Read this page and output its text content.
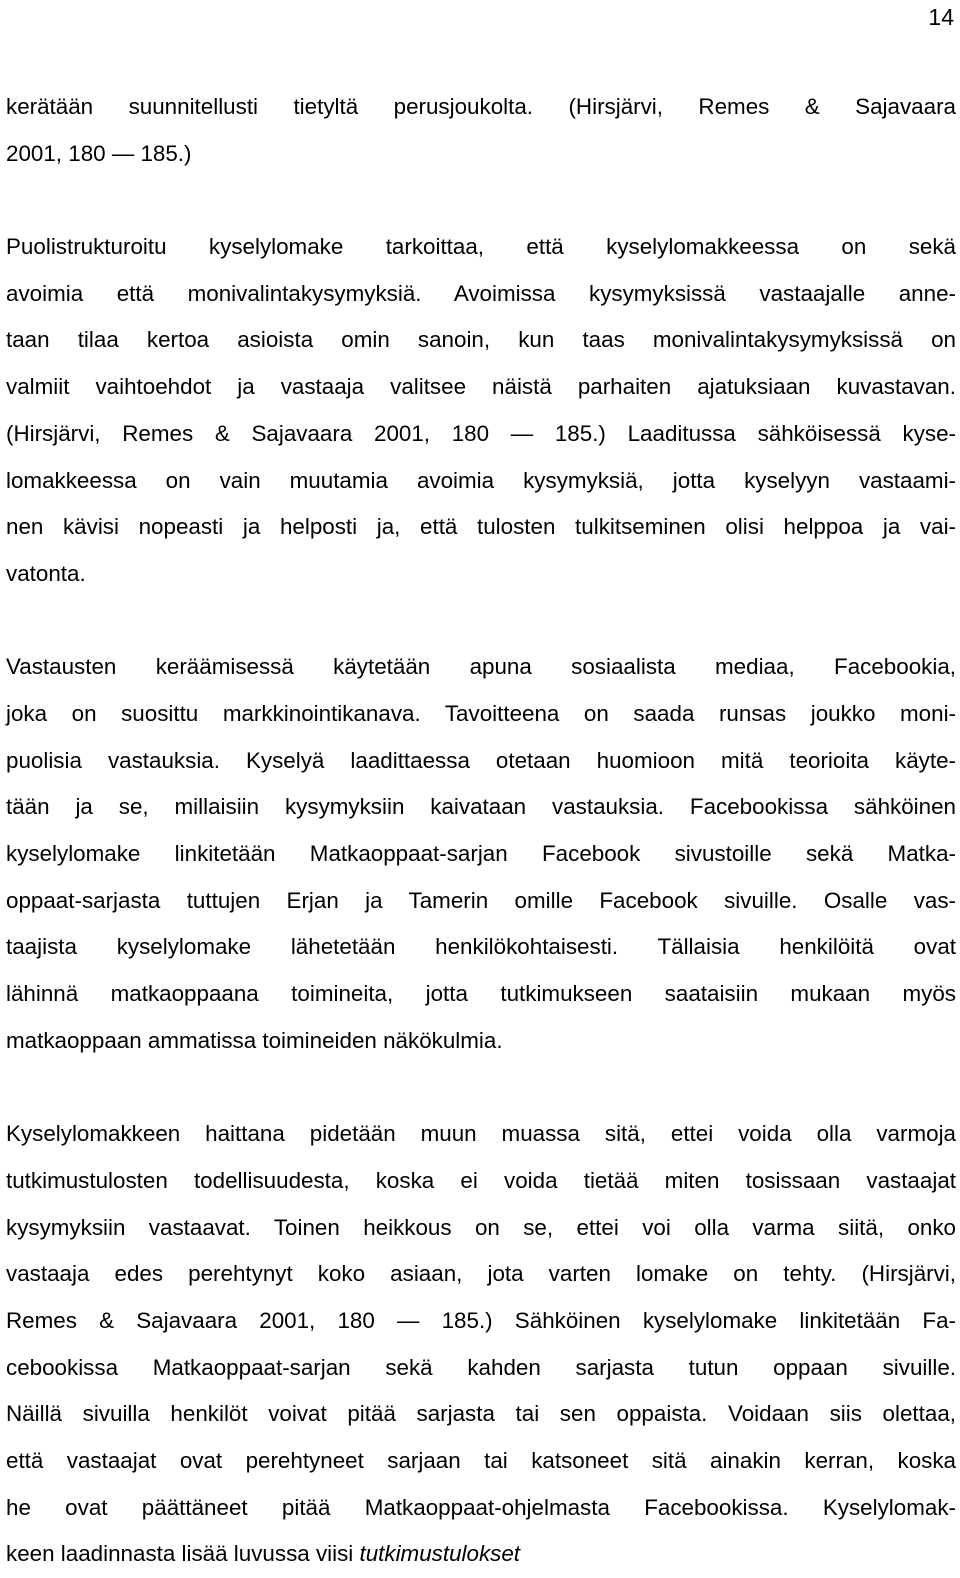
14
kerätään suunnitellusti tietyltä perusjoukolta. (Hirsjärvi, Remes & Sajavaara
2001, 180 — 185.)
Puolistrukturoitu kyselylomake tarkoittaa, että kyselylomakkeessa on sekä
avoimia että monivalintakysymyksiä. Avoimissa kysymyksissä vastaajalle anne-
taan tilaa kertoa asioista omin sanoin, kun taas monivalintakysymyksissä on
valmiit vaihtoehdot ja vastaaja valitsee näistä parhaiten ajatuksiaan kuvastavan.
(Hirsjärvi, Remes & Sajavaara 2001, 180 — 185.) Laaditussa sähköisessä kyse-
lomakkeessa on vain muutamia avoimia kysymyksiä, jotta kyselyyn vastaami-
nen kävisi nopeasti ja helposti ja, että tulosten tulkitseminen olisi helppoa ja vai-
vatonta.
Vastausten keräämisessä käytetään apuna sosiaalista mediaa, Facebookia,
joka on suosittu markkinointikanava. Tavoitteena on saada runsas joukko moni-
puolisia vastauksia. Kyselyä laadittaessa otetaan huomioon mitä teorioita käyte-
tään ja se, millaisiin kysymyksiin kaivataan vastauksia. Facebookissa sähköinen
kyselylomake linkitetään Matkaoppaat-sarjan Facebook sivustoille sekä Matka-
oppaat-sarjasta tuttujen Erjan ja Tamerin omille Facebook sivuille. Osalle vas-
taajista kyselylomake lähetetään henkilökohtaisesti. Tällaisia henkilöitä ovat
lähinnä matkaoppaana toimineita, jotta tutkimukseen saataisiin mukaan myös
matkaoppaan ammatissa toimineiden näkökulmia.
Kyselylomakkeen haittana pidetään muun muassa sitä, ettei voida olla varmoja
tutkimustulosten todellisuudesta, koska ei voida tietää miten tosissaan vastaajat
kysymyksiin vastaavat. Toinen heikkous on se, ettei voi olla varma siitä, onko
vastaaja edes perehtynyt koko asiaan, jota varten lomake on tehty. (Hirsjärvi,
Remes & Sajavaara 2001, 180 — 185.) Sähköinen kyselylomake linkitetään Fa-
cebookissa Matkaoppaat-sarjan sekä kahden sarjasta tutun oppaan sivuille.
Näillä sivuilla henkilöt voivat pitää sarjasta tai sen oppaista. Voidaan siis olettaa,
että vastaajat ovat perehtyneet sarjaan tai katsoneet sitä ainakin kerran, koska
he ovat päättäneet pitää Matkaoppaat-ohjelmasta Facebookissa. Kyselylomak-
keen laadinnasta lisää luvussa viisi tutkimustulokset
